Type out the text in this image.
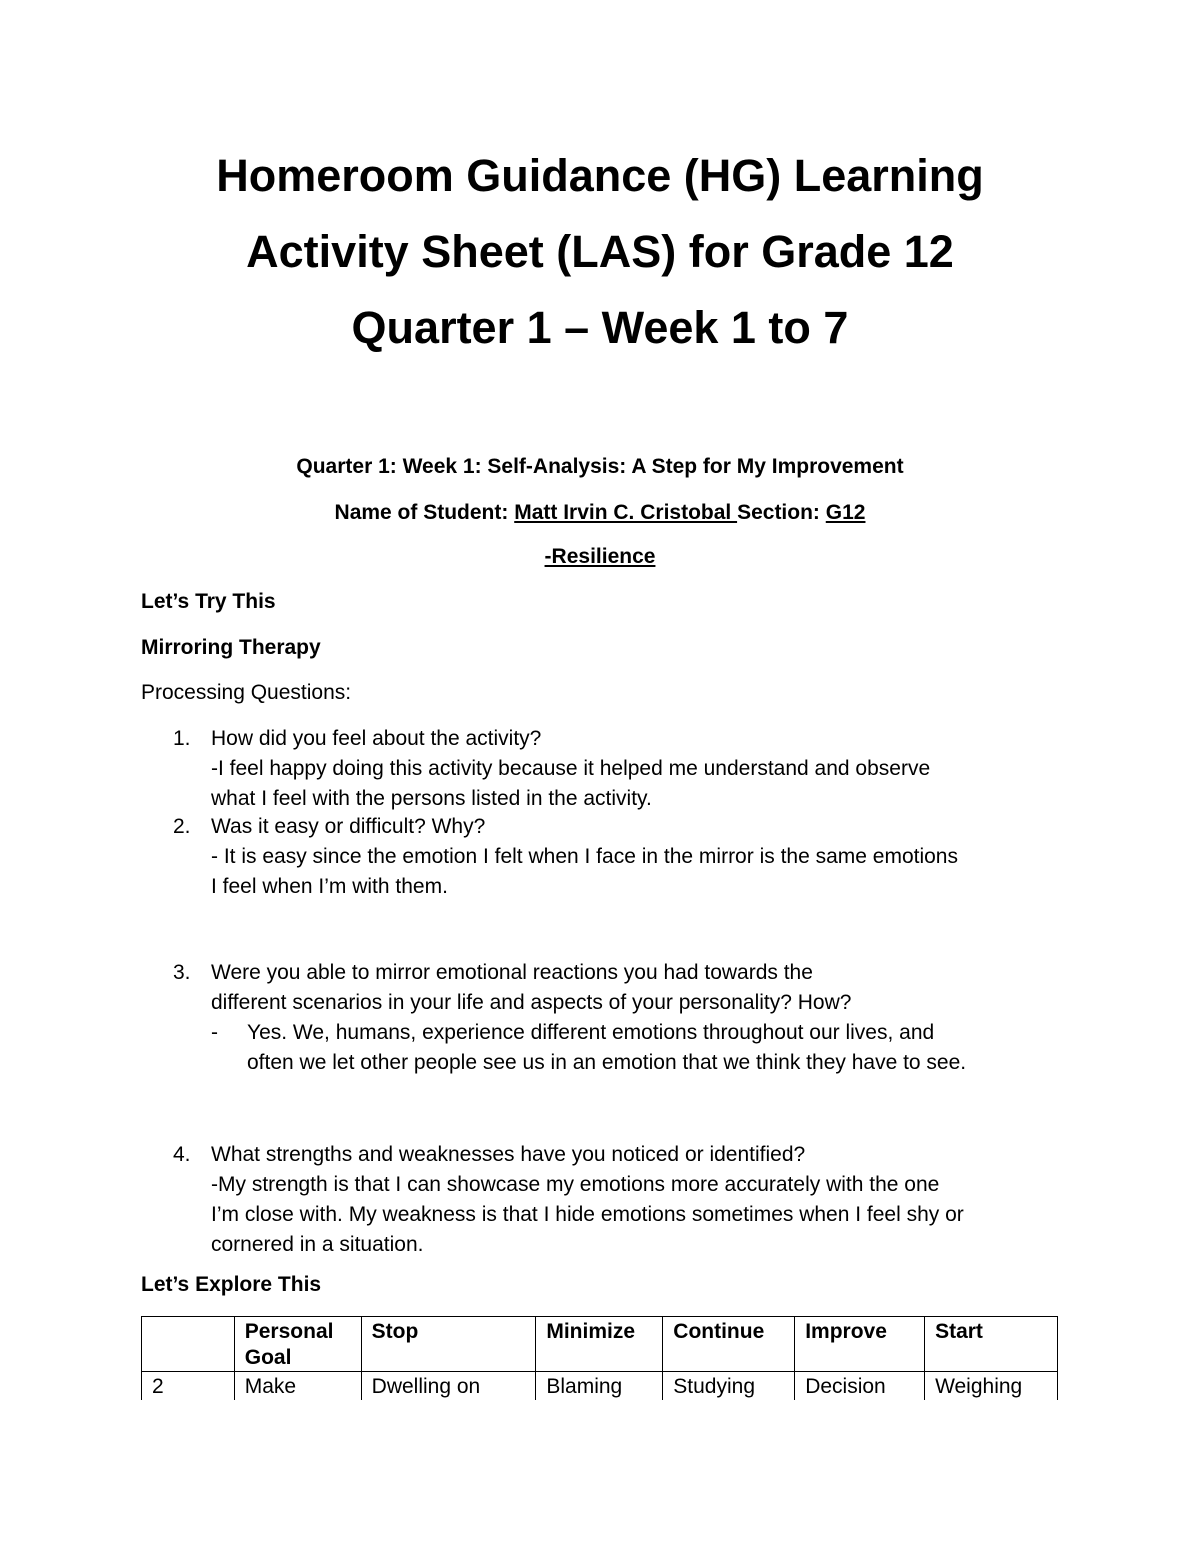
Homeroom Guidance (HG) Learning
Activity Sheet (LAS) for Grade 12
Quarter 1 – Week 1 to 7
Quarter 1: Week 1: Self-Analysis: A Step for My Improvement
Name of Student: Matt Irvin C. Cristobal Section: G12
-Resilience
Let’s Try This
Mirroring Therapy
Processing Questions:
1. How did you feel about the activity?
-I feel happy doing this activity because it helped me understand and observe
what I feel with the persons listed in the activity.
2. Was it easy or difficult? Why?
- It is easy since the emotion I felt when I face in the mirror is the same emotions
I feel when I’m with them.
3. Were you able to mirror emotional reactions you had towards the
different scenarios in your life and aspects of your personality? How?
- Yes. We, humans, experience different emotions throughout our lives, and
often we let other people see us in an emotion that we think they have to see.
4. What strengths and weaknesses have you noticed or identified?
-My strength is that I can showcase my emotions more accurately with the one
I’m close with. My weakness is that I hide emotions sometimes when I feel shy or
cornered in a situation.
Let’s Explore This
	Personal Goal	Stop	Minimize	Continue	Improve	Start
2	Make	Dwelling on	Blaming	Studying	Decision	Weighing
